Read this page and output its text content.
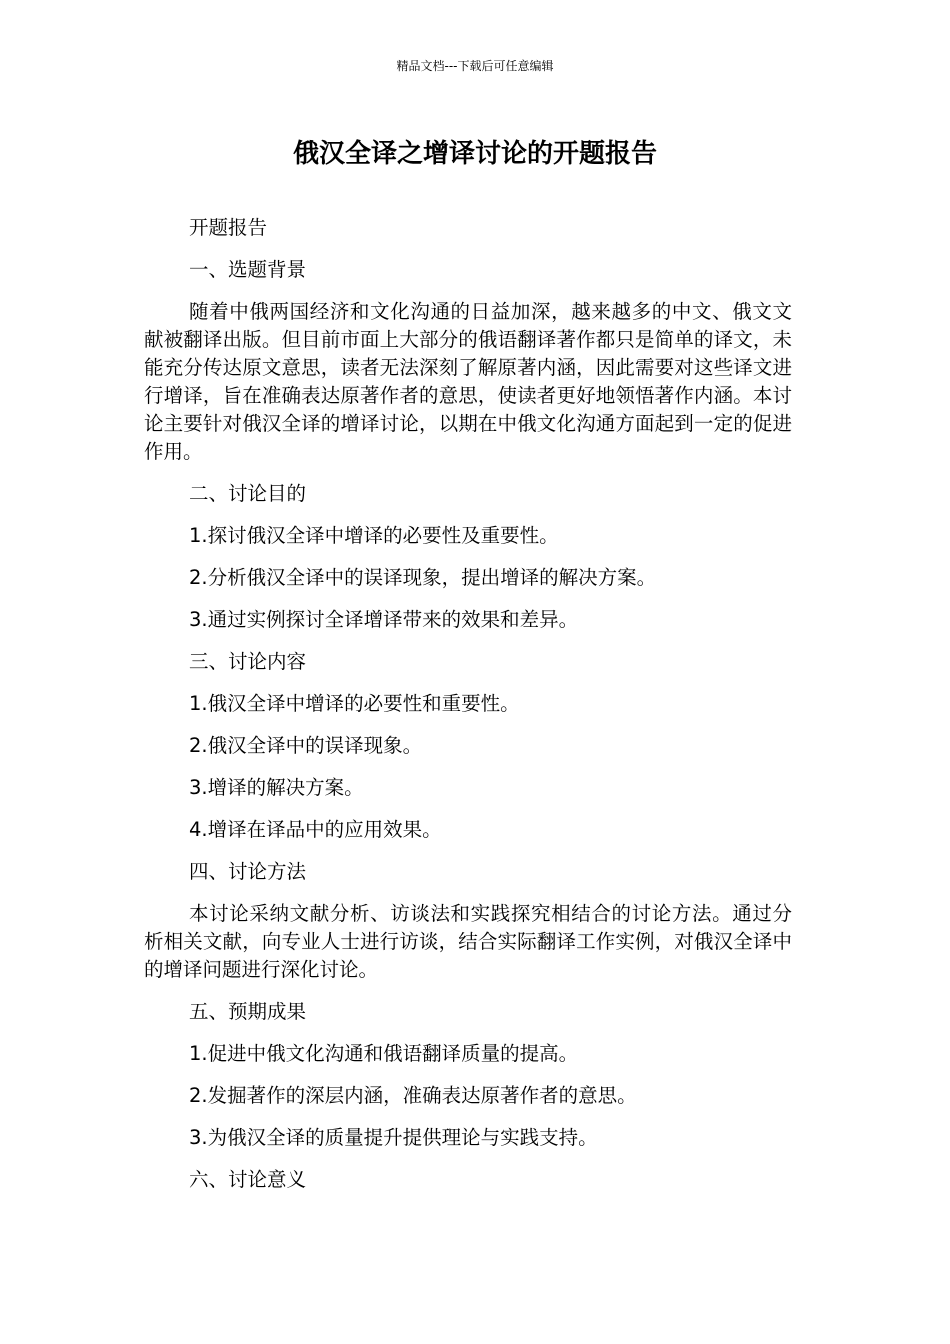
精品文档---下载后可任意编辑
俄汉全译之增译讨论的开题报告

开题报告

一、选题背景

随着中俄两国经济和文化沟通的日益加深，越来越多的中文、俄文文献被翻译出版。但目前市面上大部分的俄语翻译著作都只是简单的译文，未能充分传达原文意思，读者无法深刻了解原著内涵，因此需要对这些译文进行增译，旨在准确表达原著作者的意思，使读者更好地领悟著作内涵。本讨论主要针对俄汉全译的增译讨论，以期在中俄文化沟通方面起到一定的促进作用。

二、讨论目的

1.探讨俄汉全译中增译的必要性及重要性。

2.分析俄汉全译中的误译现象，提出增译的解决方案。

3.通过实例探讨全译增译带来的效果和差异。

三、讨论内容

1.俄汉全译中增译的必要性和重要性。

2.俄汉全译中的误译现象。

3.增译的解决方案。

4.增译在译品中的应用效果。

四、讨论方法

本讨论采纳文献分析、访谈法和实践探究相结合的讨论方法。通过分析相关文献，向专业人士进行访谈，结合实际翻译工作实例，对俄汉全译中的增译问题进行深化讨论。

五、预期成果

1.促进中俄文化沟通和俄语翻译质量的提高。

2.发掘著作的深层内涵，准确表达原著作者的意思。

3.为俄汉全译的质量提升提供理论与实践支持。

六、讨论意义
